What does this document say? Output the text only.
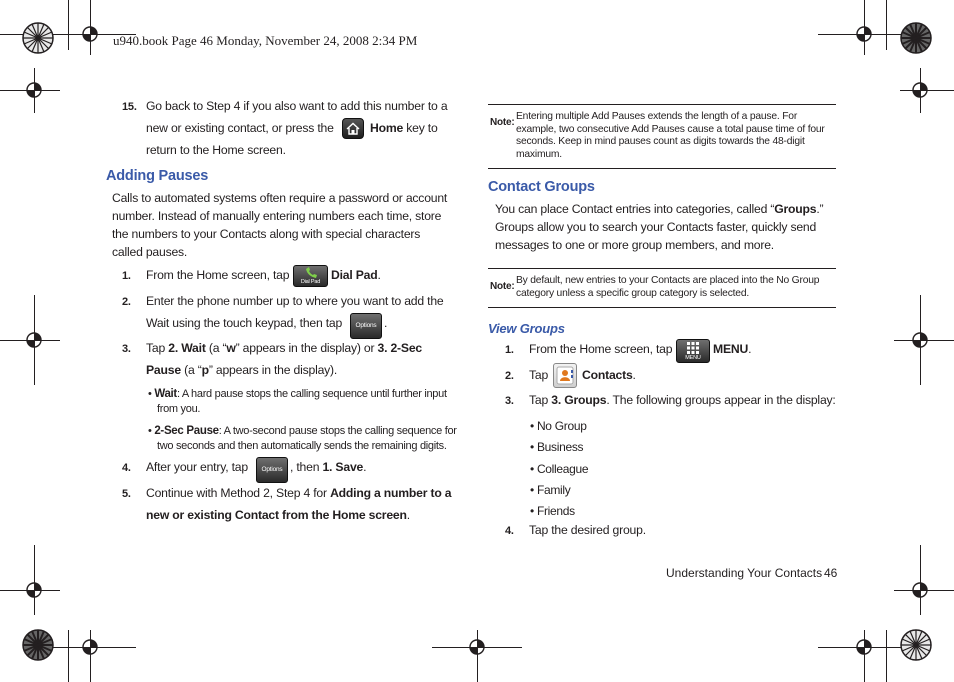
u940.book Page 46 Monday, November 24, 2008 2:34 PM
15. Go back to Step 4 if you also want to add this number to a
new or existing contact, or press the	Home key to
return to the Home screen.
Adding Pauses
Calls to automated systems often require a password or account
number. Instead of manually entering numbers each time, store
the numbers to your Contacts along with special characters
called pauses.
1. From the Home screen, tap	Dial Pad Dial Pad.
2. Enter the phone number up to where you want to add the
Wait using the touch keypad, then tap	Options .
3. Tap 2. Wait (a “w” appears in the display) or 3. 2-Sec
Pause (a “p” appears in the display).
• Wait: A hard pause stops the calling sequence until further input
from you.
• 2-Sec Pause: A two-second pause stops the calling sequence for
two seconds and then automatically sends the remaining digits.
4. After your entry, tap	Options , then 1. Save.
5. Continue with Method 2, Step 4 for Adding a number to a
new or existing Contact from the Home screen.
Note:
Entering multiple Add Pauses extends the length of a pause. For
example, two consecutive Add Pauses cause a total pause time of four
seconds. Keep in mind pauses count as digits towards the 48-digit
maximum.
Contact Groups
You can place Contact entries into categories, called “Groups.”
Groups allow you to search your Contacts faster, quickly send
messages to one or more group members, and more.
Note:
By default, new entries to your Contacts are placed into the No Group
category unless a specific group category is selected.
View Groups
1. From the Home screen, tap
MENU
MENU.
2. Tap	Contacts.
3. Tap 3. Groups. The following groups appear in the display:
• No Group
• Business
• Colleague
• Family
• Friends
4. Tap the desired group.
Understanding Your Contacts 46
